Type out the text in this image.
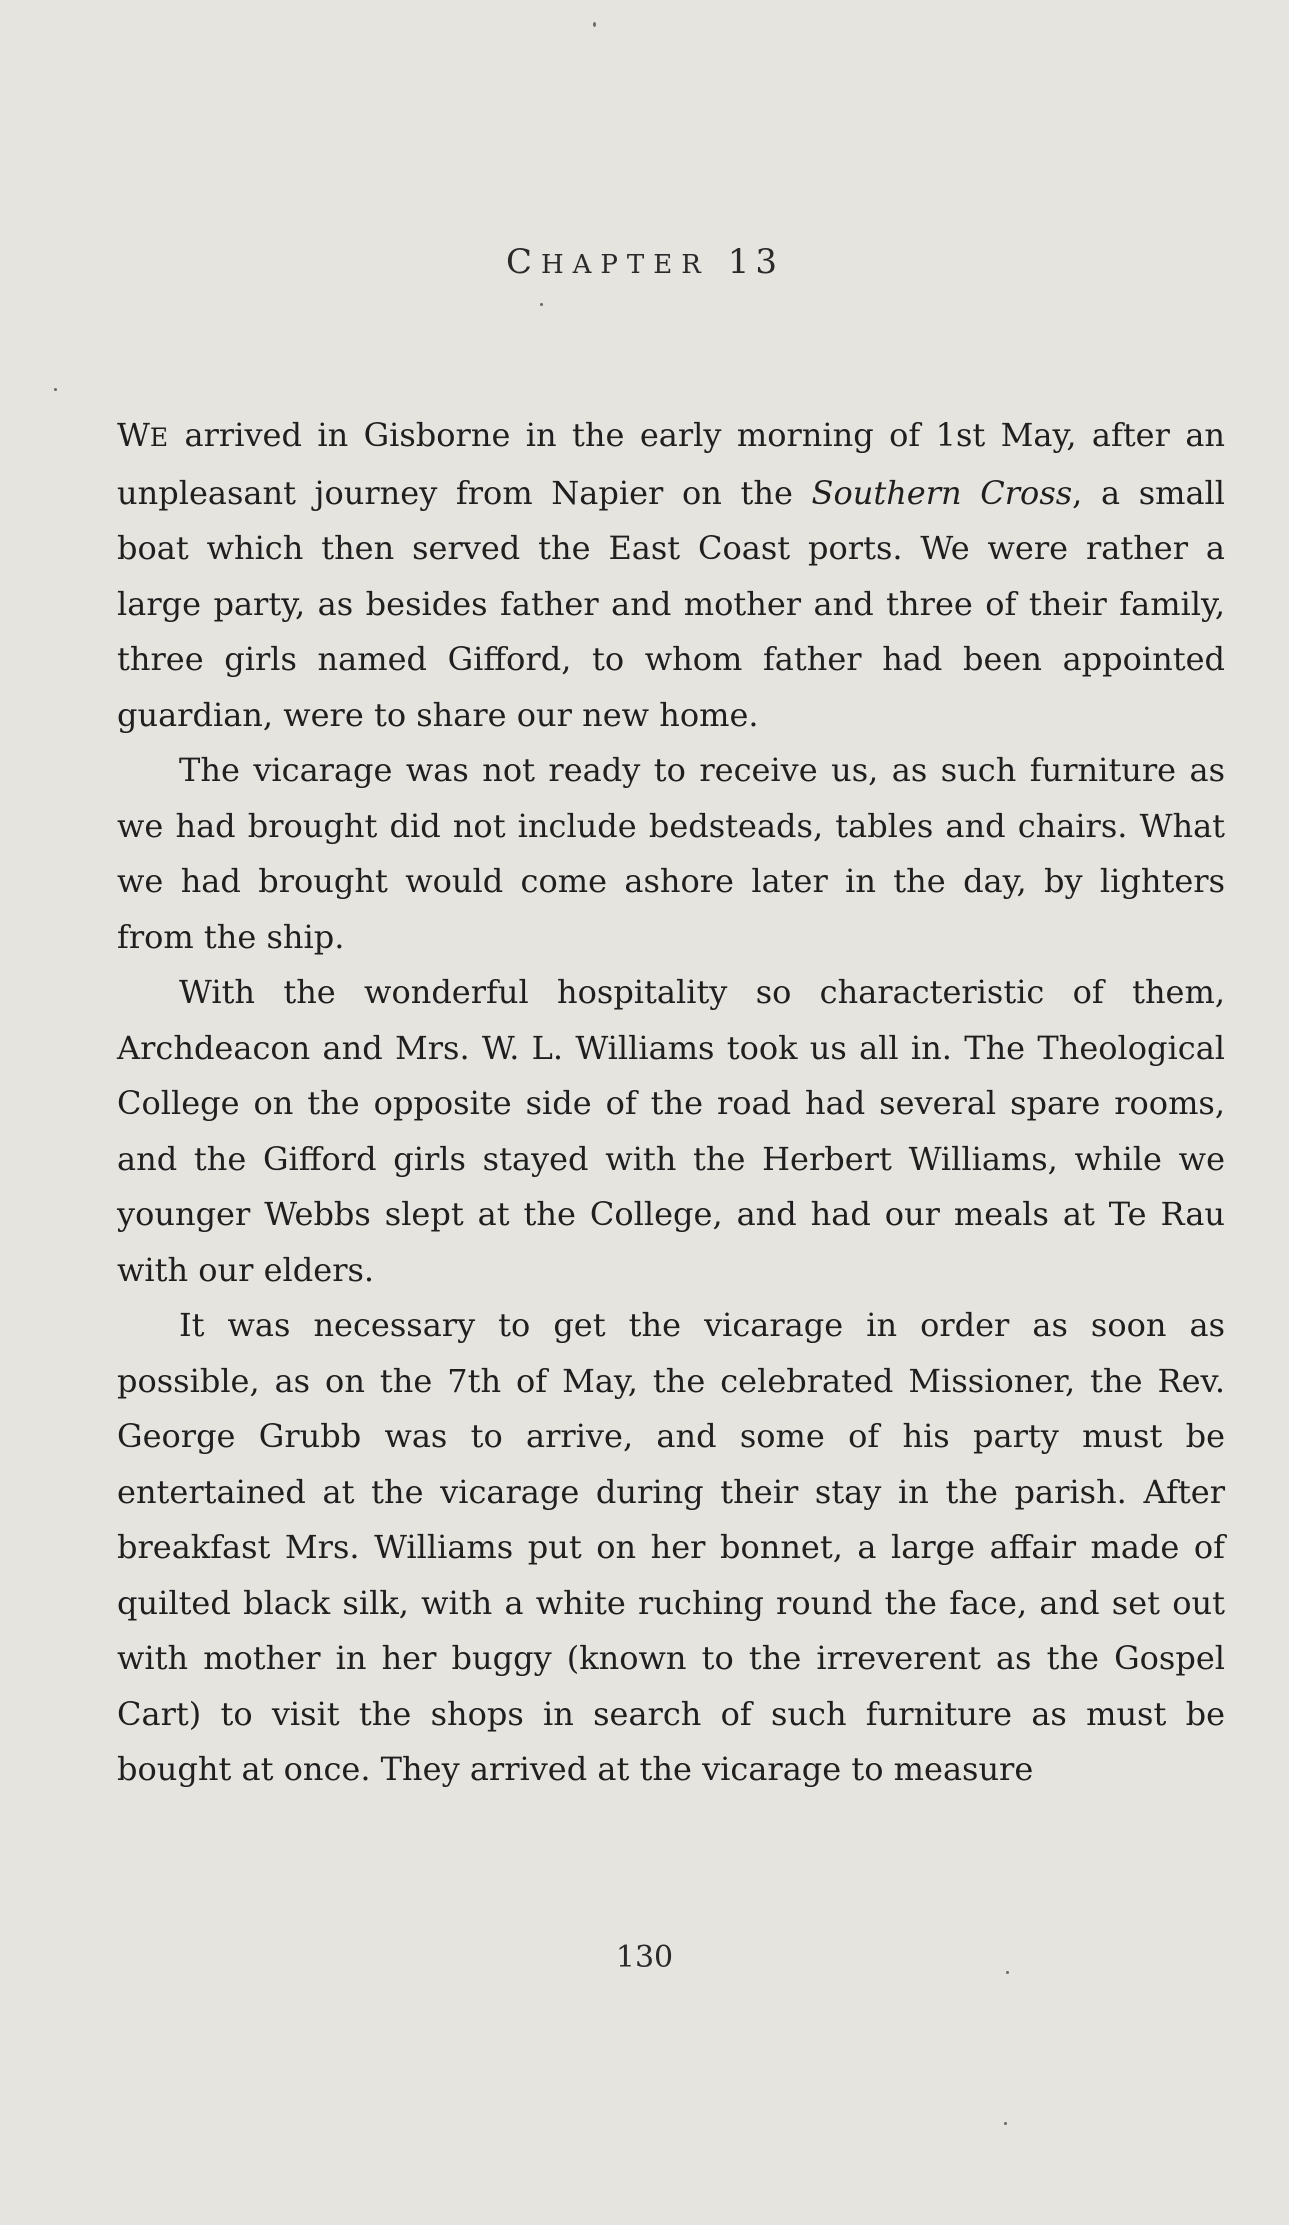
CHAPTER 13

WE arrived in Gisborne in the early morning of 1st May, after an unpleasant journey from Napier on the Southern Cross, a small boat which then served the East Coast ports. We were rather a large party, as besides father and mother and three of their family, three girls named Gifford, to whom father had been appointed guardian, were to share our new home.

The vicarage was not ready to receive us, as such furniture as we had brought did not include bedsteads, tables and chairs. What we had brought would come ashore later in the day, by lighters from the ship.

With the wonderful hospitality so characteristic of them, Archdeacon and Mrs. W. L. Williams took us all in. The Theological College on the opposite side of the road had several spare rooms, and the Gifford girls stayed with the Herbert Williams, while we younger Webbs slept at the College, and had our meals at Te Rau with our elders.

It was necessary to get the vicarage in order as soon as possible, as on the 7th of May, the celebrated Missioner, the Rev. George Grubb was to arrive, and some of his party must be entertained at the vicarage during their stay in the parish. After breakfast Mrs. Williams put on her bonnet, a large affair made of quilted black silk, with a white ruching round the face, and set out with mother in her buggy (known to the irreverent as the Gospel Cart) to visit the shops in search of such furniture as must be bought at once. They arrived at the vicarage to measure

130
